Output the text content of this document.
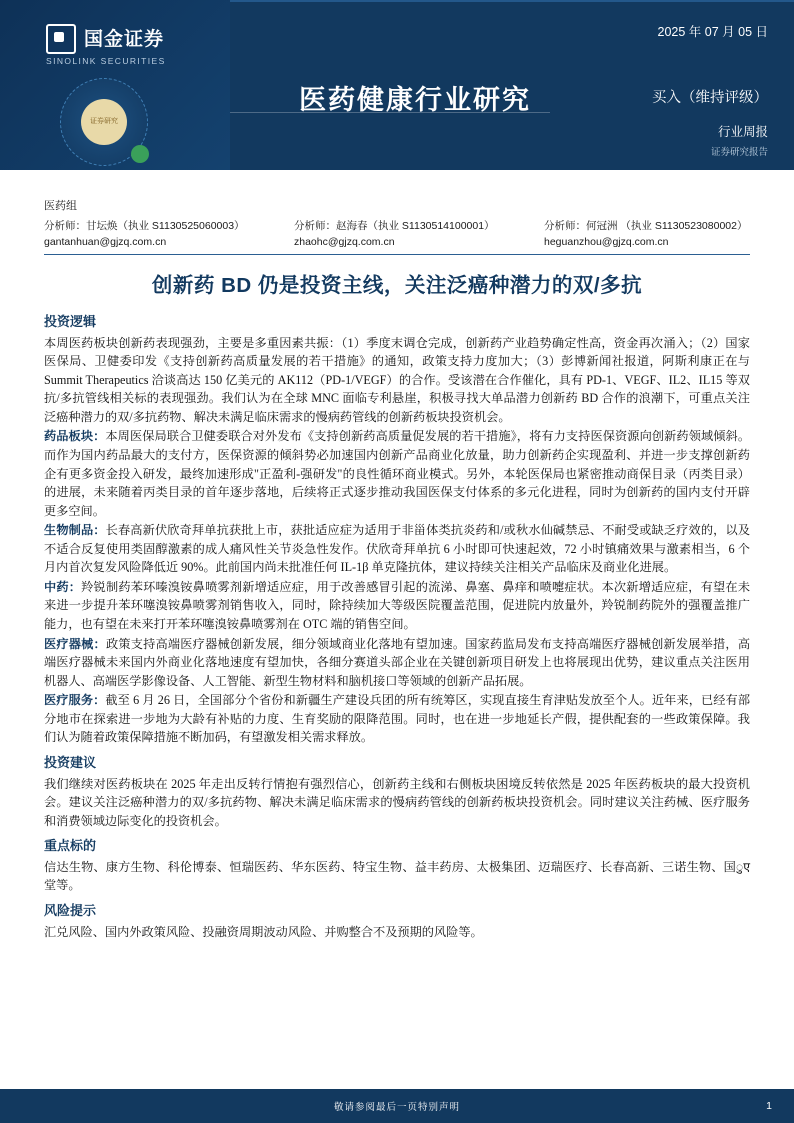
国金证券
SINOLINK SECURITIES
证券研究
2025 年 07 月 05 日
医药健康行业研究	买入（维持评级）
行业周报
证券研究报告
医药组
分析师：甘坛焕（执业 S1130525060003）	分析师：赵海春（执业 S1130514100001）	分析师：何冠洲 （执业 S1130523080002）
gantanhuan@gjzq.com.cn	zhaohc@gjzq.com.cn	heguanzhou@gjzq.com.cn
创新药 BD 仍是投资主线，关注泛癌种潜力的双/多抗
投资逻辑

本周医药板块创新药表现强劲，主要是多重因素共振：（1）季度末调仓完成，创新药产业趋势确定性高，资金再次涌入；（2）国家医保局、卫健委印发《支持创新药高质量发展的若干措施》的通知，政策支持力度加大；（3）彭博新闻社报道，阿斯利康正在与 Summit Therapeutics 洽谈高达 150 亿美元的 AK112（PD-1/VEGF）的合作。受该潜在合作催化，具有 PD-1、VEGF、IL2、IL15 等双抗/多抗管线相关标的表现强劲。我们认为在全球 MNC 面临专利悬崖，积极寻找大单品潜力创新药 BD 合作的浪潮下，可重点关注泛癌种潜力的双/多抗药物、解决未满足临床需求的慢病药管线的创新药板块投资机会。

药品板块：本周医保局联合卫健委联合对外发布《支持创新药高质量促发展的若干措施》，将有力支持医保资源向创新药领域倾斜。而作为国内药品最大的支付方，医保资源的倾斜势必加速国内创新产品商业化放量，助力创新药企实现盈利、并进一步支撑创新药企有更多资金投入研发，最终加速形成"正盈利-强研发"的良性循环商业模式。另外，本轮医保局也紧密推动商保目录（丙类目录）的进展，未来随着丙类目录的首年逐步落地，后续将正式逐步推动我国医保支付体系的多元化进程，同时为创新药的国内支付开辟更多空间。

生物制品：长春高新伏欣奇拜单抗获批上市，获批适应症为适用于非甾体类抗炎药和/或秋水仙碱禁忌、不耐受或缺乏疗效的，以及不适合反复使用类固醇激素的成人痛风性关节炎急性发作。伏欣奇拜单抗 6 小时即可快速起效，72 小时镇痛效果与激素相当，6 个月内首次复发风险降低近 90%。此前国内尚未批准任何 IL-1β 单克隆抗体，建议持续关注相关产品临床及商业化进展。

中药：羚锐制药苯环嗪溴铵鼻喷雾剂新增适应症，用于改善感冒引起的流涕、鼻塞、鼻痒和喷嚏症状。本次新增适应症，有望在未来进一步提升苯环噻溴铵鼻喷雾剂销售收入，同时，除持续加大等级医院覆盖范围，促进院内放量外，羚锐制药院外的强覆盖推广能力，也有望在未来打开苯环噻溴铵鼻喷雾剂在 OTC 端的销售空间。

医疗器械：政策支持高端医疗器械创新发展，细分领域商业化落地有望加速。国家药监局发布支持高端医疗器械创新发展举措，高端医疗器械未来国内外商业化落地速度有望加快，各细分赛道头部企业在关键创新项目研发上也将展现出优势，建议重点关注医用机器人、高端医学影像设备、人工智能、新型生物材料和脑机接口等领域的创新产品拓展。

医疗服务：截至 6 月 26 日，全国部分个省份和新疆生产建设兵团的所有统筹区，实现直接生育津贴发放至个人。近年来，已经有部分地市在探索进一步地为大龄有补贴的力度、生育奖励的限降范围。同时，也在进一步地延长产假，提供配套的一些政策保障。我们认为随着政策保障措施不断加码，有望激发相关需求释放。

投资建议

我们继续对医药板块在 2025 年走出反转行情抱有强烈信心，创新药主线和右侧板块困境反转依然是 2025 年医药板块的最大投资机会。建议关注泛癌种潜力的双/多抗药物、解决未满足临床需求的慢病药管线的创新药板块投资机会。同时建议关注药械、医疗服务和消费领域边际变化的投资机会。

重点标的

信达生物、康方生物、科伦博泰、恒瑞医药、华东医药、特宝生物、益丰药房、太极集团、迈瑞医疗、长春高新、三诺生物、国ुए堂等。

风险提示

汇兑风险、国内外政策风险、投融资周期波动风险、并购整合不及预期的风险等。

敬请参阅最后一页特别声明	1
